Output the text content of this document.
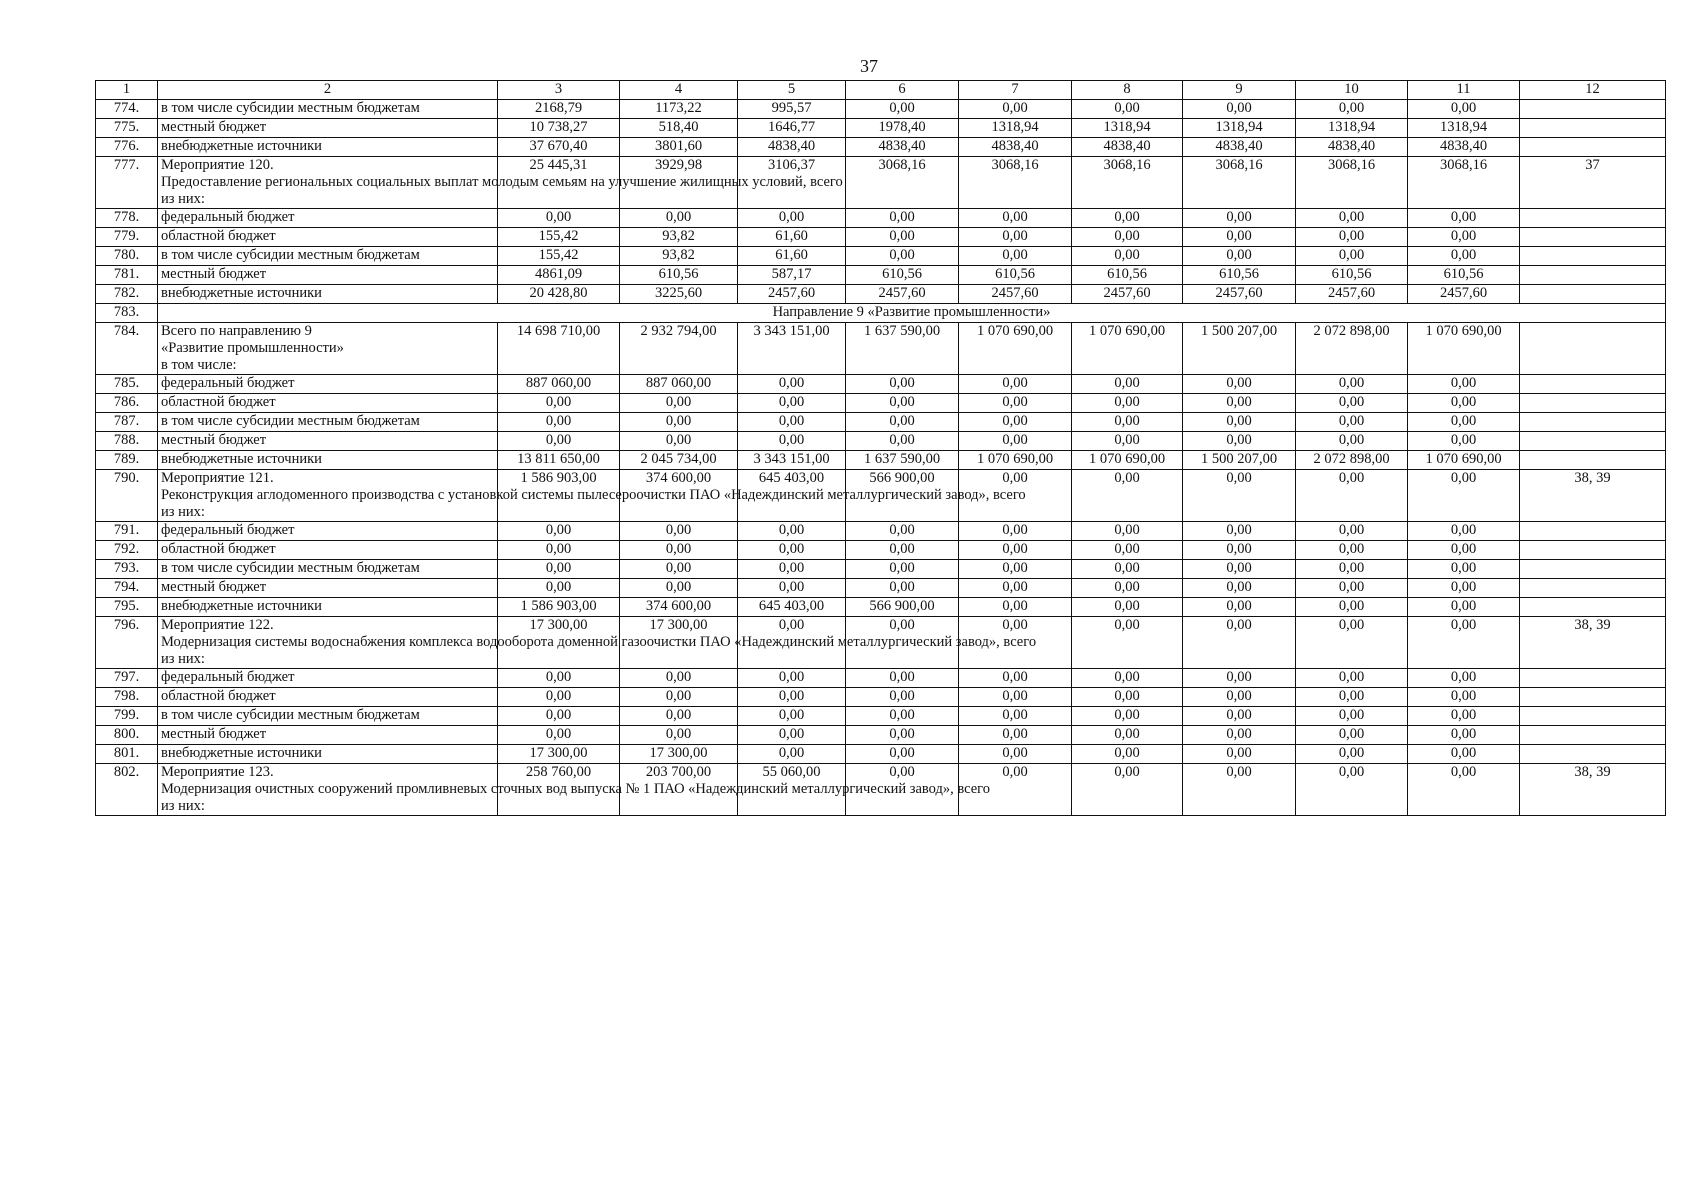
37
1	2	3	4	5	6	7	8	9	10	11	12
774.	в том числе субсидии местным бюджетам	2168,79	1173,22	995,57	0,00	0,00	0,00	0,00	0,00	0,00	
775.	местный бюджет	10 738,27	518,40	1646,77	1978,40	1318,94	1318,94	1318,94	1318,94	1318,94	
776.	внебюджетные источники	37 670,40	3801,60	4838,40	4838,40	4838,40	4838,40	4838,40	4838,40	4838,40	
777.	Мероприятие 120.
Предоставление региональных социальных выплат молодым семьям на улучшение жилищных условий, всего
из них:	25 445,31	3929,98	3106,37	3068,16	3068,16	3068,16	3068,16	3068,16	3068,16	37
778.	федеральный бюджет	0,00	0,00	0,00	0,00	0,00	0,00	0,00	0,00	0,00	
779.	областной бюджет	155,42	93,82	61,60	0,00	0,00	0,00	0,00	0,00	0,00	
780.	в том числе субсидии местным бюджетам	155,42	93,82	61,60	0,00	0,00	0,00	0,00	0,00	0,00	
781.	местный бюджет	4861,09	610,56	587,17	610,56	610,56	610,56	610,56	610,56	610,56	
782.	внебюджетные источники	20 428,80	3225,60	2457,60	2457,60	2457,60	2457,60	2457,60	2457,60	2457,60	
783.	Направление 9 «Развитие промышленности»										
784.	Всего по направлению 9
«Развитие промышленности»
в том числе:	14 698 710,00	2 932 794,00	3 343 151,00	1 637 590,00	1 070 690,00	1 070 690,00	1 500 207,00	2 072 898,00	1 070 690,00	
785.	федеральный бюджет	887 060,00	887 060,00	0,00	0,00	0,00	0,00	0,00	0,00	0,00	
786.	областной бюджет	0,00	0,00	0,00	0,00	0,00	0,00	0,00	0,00	0,00	
787.	в том числе субсидии местным бюджетам	0,00	0,00	0,00	0,00	0,00	0,00	0,00	0,00	0,00	
788.	местный бюджет	0,00	0,00	0,00	0,00	0,00	0,00	0,00	0,00	0,00	
789.	внебюджетные источники	13 811 650,00	2 045 734,00	3 343 151,00	1 637 590,00	1 070 690,00	1 070 690,00	1 500 207,00	2 072 898,00	1 070 690,00	
790.	Мероприятие 121.
Реконструкция аглодоменного производства с установкой системы пылесероочистки ПАО «Надеждинский металлургический завод», всего
из них:	1 586 903,00	374 600,00	645 403,00	566 900,00	0,00	0,00	0,00	0,00	0,00	38, 39
791.	федеральный бюджет	0,00	0,00	0,00	0,00	0,00	0,00	0,00	0,00	0,00	
792.	областной бюджет	0,00	0,00	0,00	0,00	0,00	0,00	0,00	0,00	0,00	
793.	в том числе субсидии местным бюджетам	0,00	0,00	0,00	0,00	0,00	0,00	0,00	0,00	0,00	
794.	местный бюджет	0,00	0,00	0,00	0,00	0,00	0,00	0,00	0,00	0,00	
795.	внебюджетные источники	1 586 903,00	374 600,00	645 403,00	566 900,00	0,00	0,00	0,00	0,00	0,00	
796.	Мероприятие 122.
Модернизация системы водоснабжения комплекса водооборота доменной газоочистки ПАО «Надеждинский металлургический завод», всего
из них:	17 300,00	17 300,00	0,00	0,00	0,00	0,00	0,00	0,00	0,00	38, 39
797.	федеральный бюджет	0,00	0,00	0,00	0,00	0,00	0,00	0,00	0,00	0,00	
798.	областной бюджет	0,00	0,00	0,00	0,00	0,00	0,00	0,00	0,00	0,00	
799.	в том числе субсидии местным бюджетам	0,00	0,00	0,00	0,00	0,00	0,00	0,00	0,00	0,00	
800.	местный бюджет	0,00	0,00	0,00	0,00	0,00	0,00	0,00	0,00	0,00	
801.	внебюджетные источники	17 300,00	17 300,00	0,00	0,00	0,00	0,00	0,00	0,00	0,00	
802.	Мероприятие 123.
Модернизация очистных сооружений промливневых сточных вод выпуска № 1 ПАО «Надеждинский металлургический завод», всего
из них:	258 760,00	203 700,00	55 060,00	0,00	0,00	0,00	0,00	0,00	0,00	38, 39
